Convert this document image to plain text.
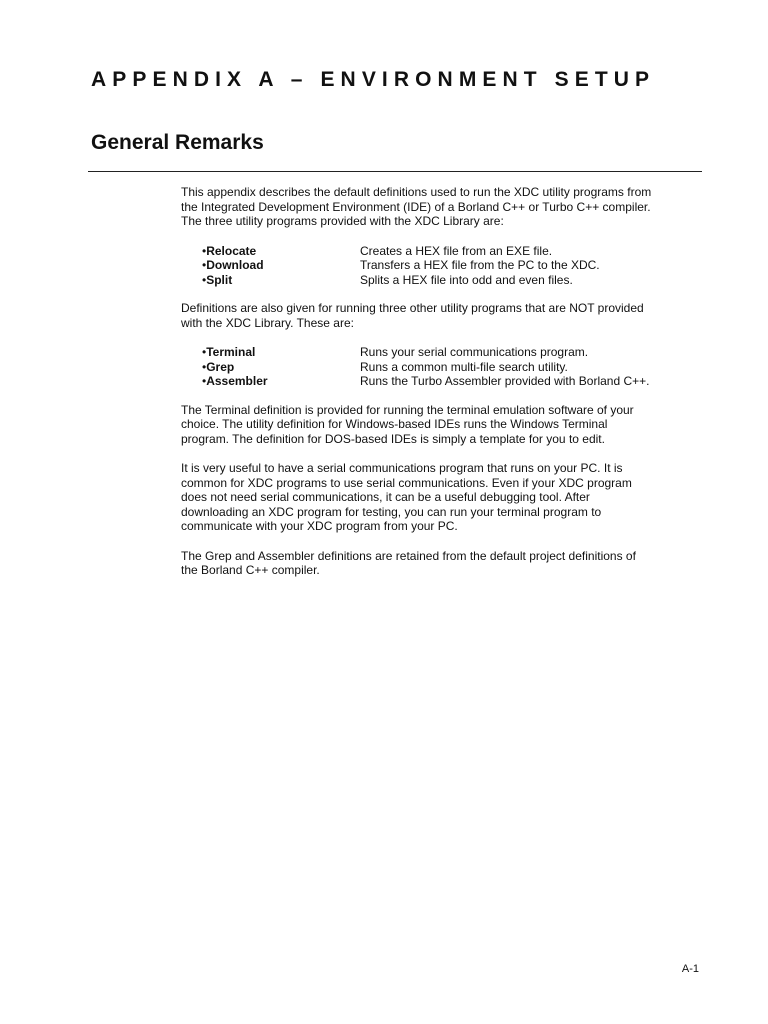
APPENDIX A – ENVIRONMENT SETUP
General Remarks

This appendix describes the default definitions used to run the XDC utility programs from
the Integrated Development Environment (IDE) of a Borland C++ or Turbo C++ compiler.
The three utility programs provided with the XDC Library are:

•Relocate	Creates a HEX file from an EXE file.
•Download	Transfers a HEX file from the PC to the XDC.
•Split	Splits a HEX file into odd and even files.

Definitions are also given for running three other utility programs that are NOT provided
with the XDC Library. These are:

•Terminal	Runs your serial communications program.
•Grep	Runs a common multi-file search utility.
•Assembler	Runs the Turbo Assembler provided with Borland C++.

The Terminal definition is provided for running the terminal emulation software of your
choice. The utility definition for Windows-based IDEs runs the Windows Terminal
program. The definition for DOS-based IDEs is simply a template for you to edit.

It is very useful to have a serial communications program that runs on your PC. It is
common for XDC programs to use serial communications. Even if your XDC program
does not need serial communications, it can be a useful debugging tool. After
downloading an XDC program for testing, you can run your terminal program to
communicate with your XDC program from your PC.

The Grep and Assembler definitions are retained from the default project definitions of
the Borland C++ compiler.

A-1
